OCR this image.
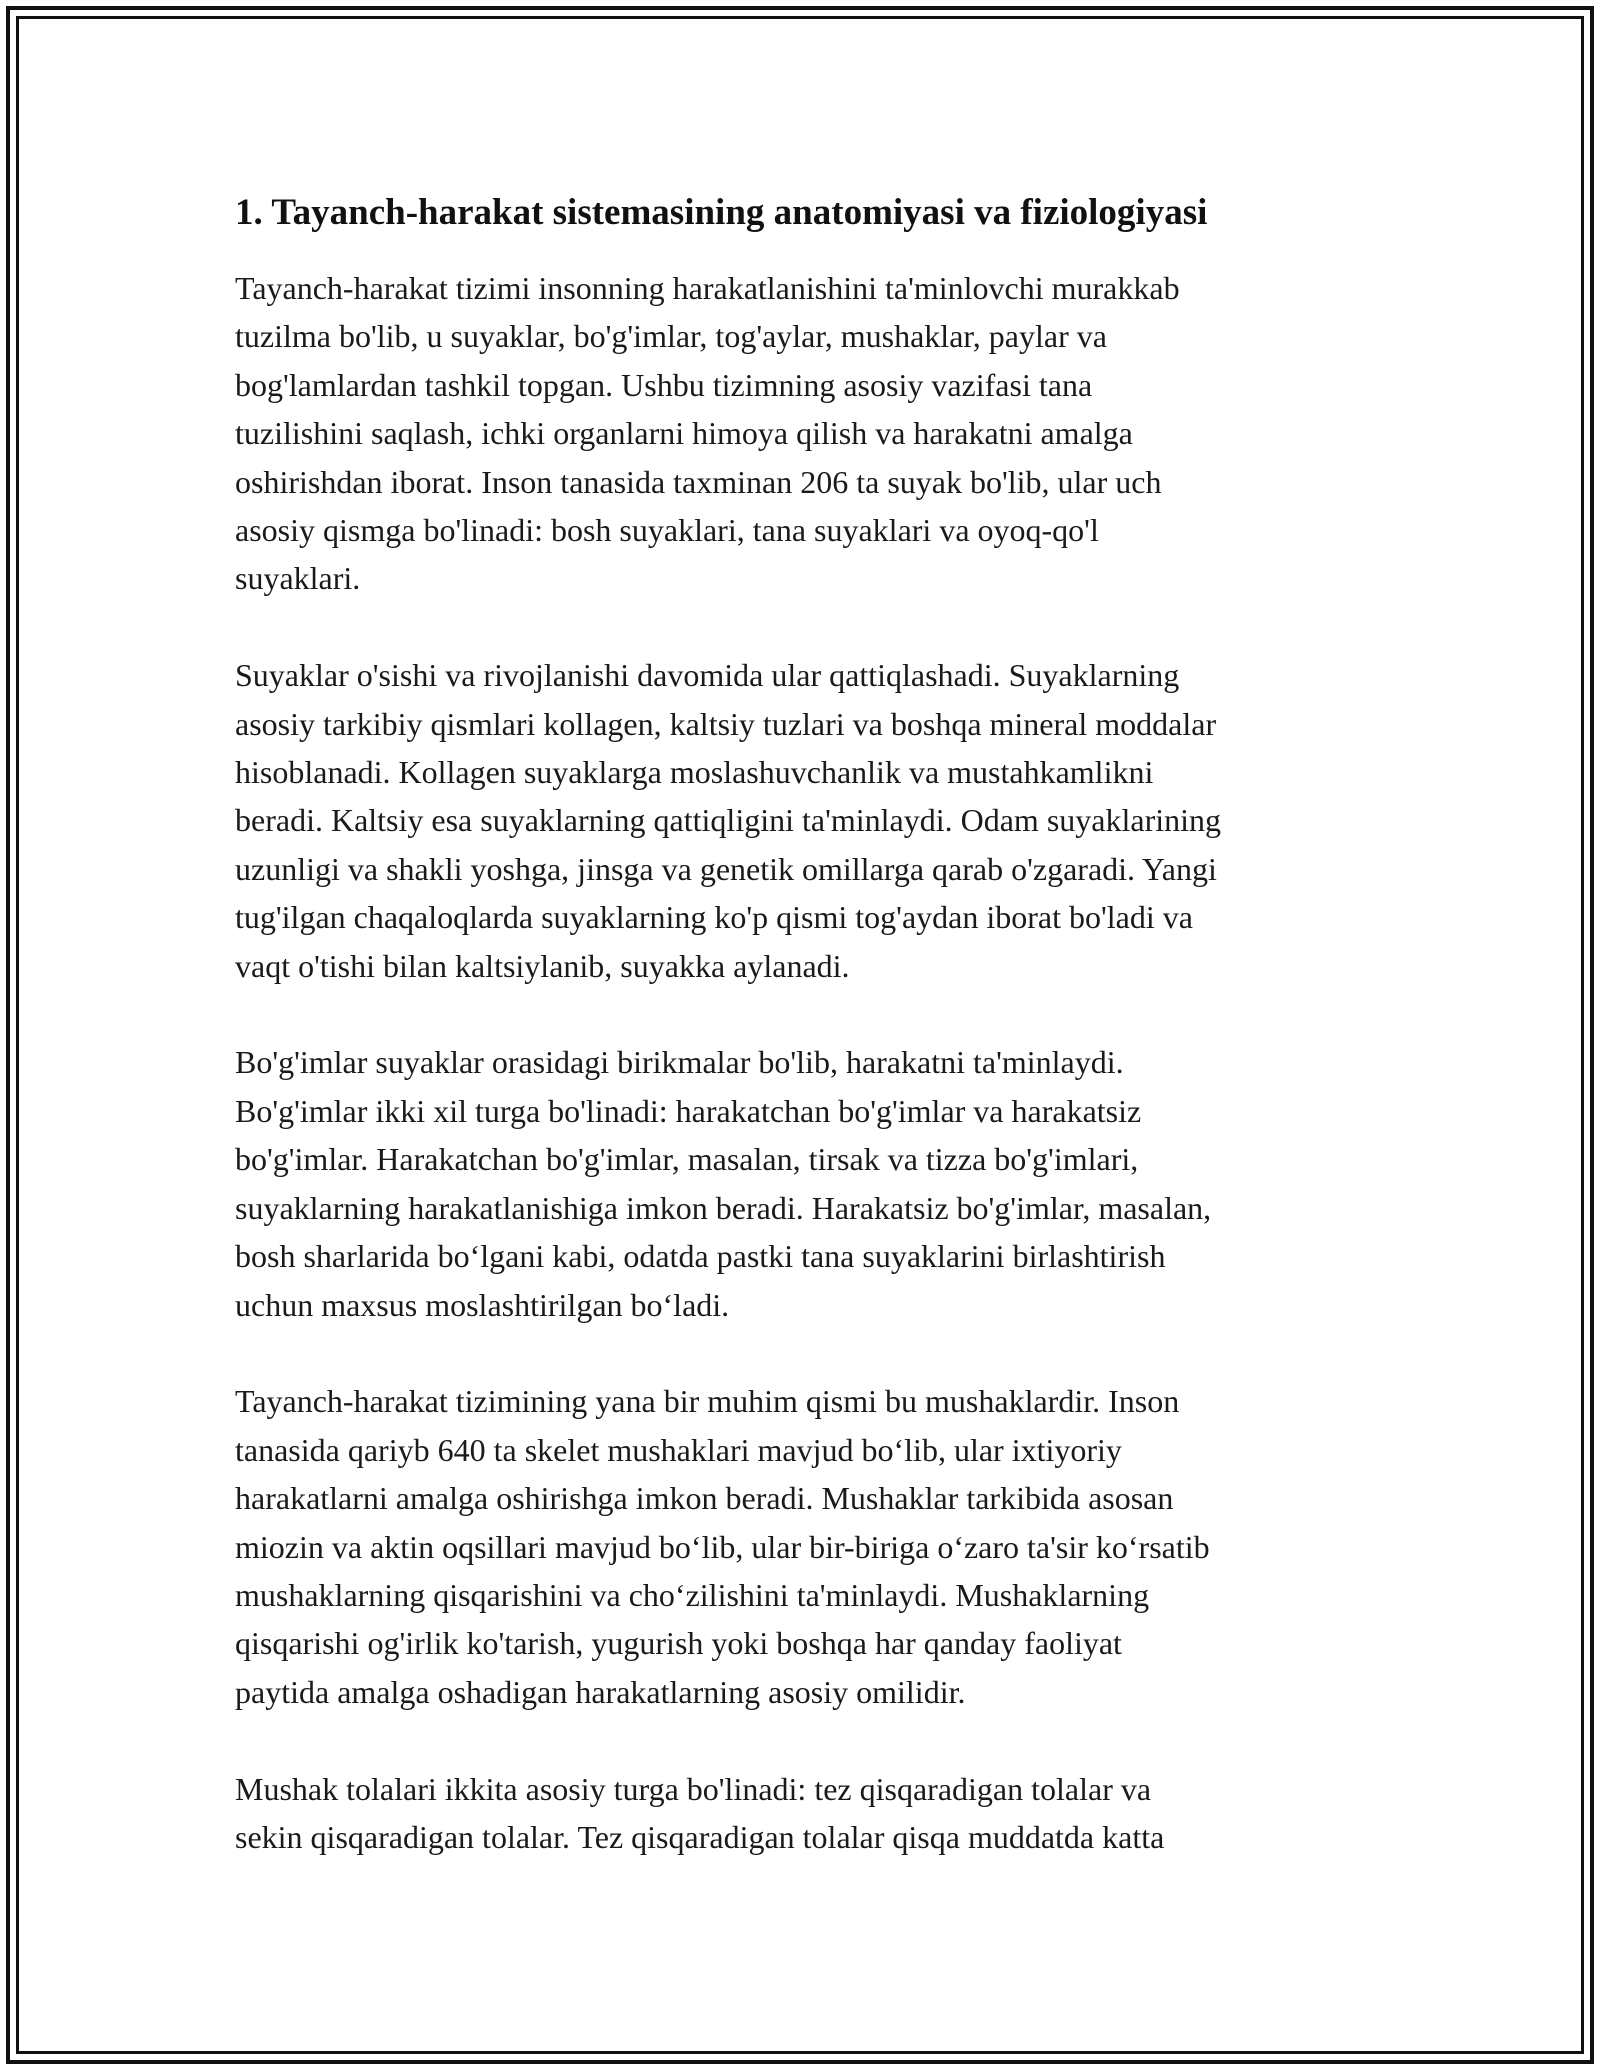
1. Tayanch-harakat sistemasining anatomiyasi va fiziologiyasi

Tayanch-harakat tizimi insonning harakatlanishini ta'minlovchi murakkab
tuzilma bo'lib, u suyaklar, bo'g'imlar, tog'aylar, mushaklar, paylar va
bog'lamlardan tashkil topgan. Ushbu tizimning asosiy vazifasi tana
tuzilishini saqlash, ichki organlarni himoya qilish va harakatni amalga
oshirishdan iborat. Inson tanasida taxminan 206 ta suyak bo'lib, ular uch
asosiy qismga bo'linadi: bosh suyaklari, tana suyaklari va oyoq-qo'l
suyaklari.

Suyaklar o'sishi va rivojlanishi davomida ular qattiqlashadi. Suyaklarning
asosiy tarkibiy qismlari kollagen, kaltsiy tuzlari va boshqa mineral moddalar
hisoblanadi. Kollagen suyaklarga moslashuvchanlik va mustahkamlikni
beradi. Kaltsiy esa suyaklarning qattiqligini ta'minlaydi. Odam suyaklarining
uzunligi va shakli yoshga, jinsga va genetik omillarga qarab o'zgaradi. Yangi
tug'ilgan chaqaloqlarda suyaklarning ko'p qismi tog'aydan iborat bo'ladi va
vaqt o'tishi bilan kaltsiylanib, suyakka aylanadi.

Bo'g'imlar suyaklar orasidagi birikmalar bo'lib, harakatni ta'minlaydi.
Bo'g'imlar ikki xil turga bo'linadi: harakatchan bo'g'imlar va harakatsiz
bo'g'imlar. Harakatchan bo'g'imlar, masalan, tirsak va tizza bo'g'imlari,
suyaklarning harakatlanishiga imkon beradi. Harakatsiz bo'g'imlar, masalan,
bosh sharlarida bo‘lgani kabi, odatda pastki tana suyaklarini birlashtirish
uchun maxsus moslashtirilgan bo‘ladi.

Tayanch-harakat tizimining yana bir muhim qismi bu mushaklardir. Inson
tanasida qariyb 640 ta skelet mushaklari mavjud bo‘lib, ular ixtiyoriy
harakatlarni amalga oshirishga imkon beradi. Mushaklar tarkibida asosan
miozin va aktin oqsillari mavjud bo‘lib, ular bir-biriga o‘zaro ta'sir ko‘rsatib
mushaklarning qisqarishini va cho‘zilishini ta'minlaydi. Mushaklarning
qisqarishi og'irlik ko'tarish, yugurish yoki boshqa har qanday faoliyat
paytida amalga oshadigan harakatlarning asosiy omilidir.

Mushak tolalari ikkita asosiy turga bo'linadi: tez qisqaradigan tolalar va
sekin qisqaradigan tolalar. Tez qisqaradigan tolalar qisqa muddatda katta
